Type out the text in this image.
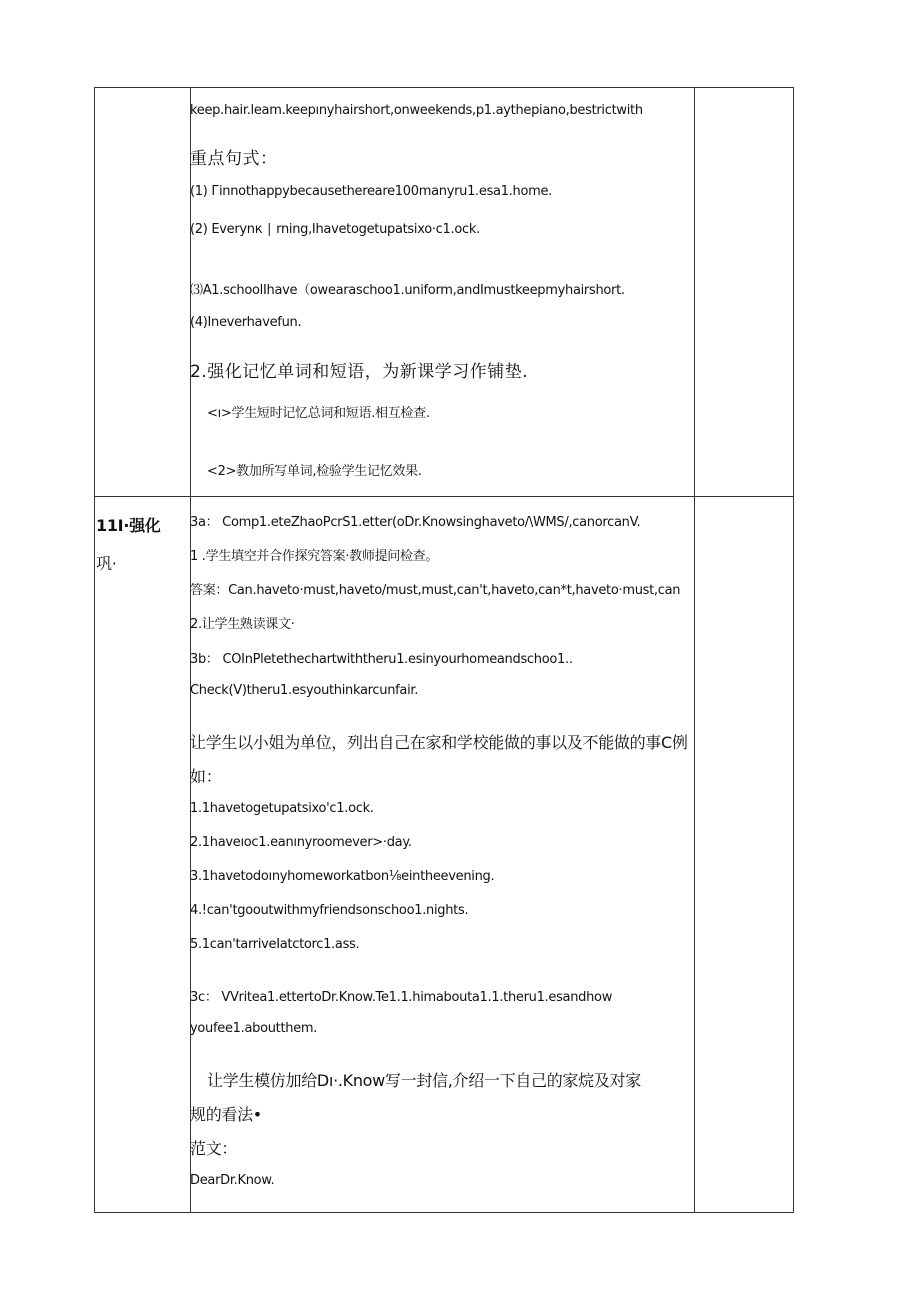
keep.hair.leam.keepınyhairshort,onweekends,p1.aythepiano,bestrictwith
重点句式：
(1) Гinnothappybecausethereare100manyru1.esa1.home.
(2) Everynк ∣ rning,Ihavetogetupatsixo·c1.ock.
⑶A1.schoolIhave（owearaschoo1.uniform,andImustkeepmyhairshort.
(4)Ineverhavefun.
2.强化记忆单词和短语，为新课学习作铺垫.
<ı>学生短时记忆总词和短语.相互检查.
<2>教加所写单词,检验学生记忆效果.
11I·强化
巩·
3a： Comp1.eteZhaoPcrS1.etter(oDr.Knowsinghaveto/\WMS/,canorcanV.
1 .学生填空并合作探究答案·教师提问检查。
答案：Can.haveto·must,haveto/must,must,can't,haveto,can*t,haveto·must,can
2.让学生熟读课文·
3b： COInPletethechartwiththeru1.esinyourhomeandschoo1..
Check(V)theru1.esyouthinkarcunfair.
让学生以小姐为单位，列出自己在家和学校能做的事以及不能做的事C例
如：
1.1havetogetupatsixo'c1.ock.
2.1haveıoc1.eanınyroomever>·day.
3.1havetodoınyhomeworkatbon⅛eintheevening.
4.!can'tgooutwithmyfriendsonschoo1.nights.
5.1can'tarriveIatctorc1.ass.
3c： VVritea1.ettertoDr.Know.Te1.1.himabouta1.1.theru1.esandhow
youfee1.aboutthem.
让学生模仿加给Dı·.Know写一封信,介绍一下自己的家烷及对家
规的看法•
范文：
DearDr.Know.
